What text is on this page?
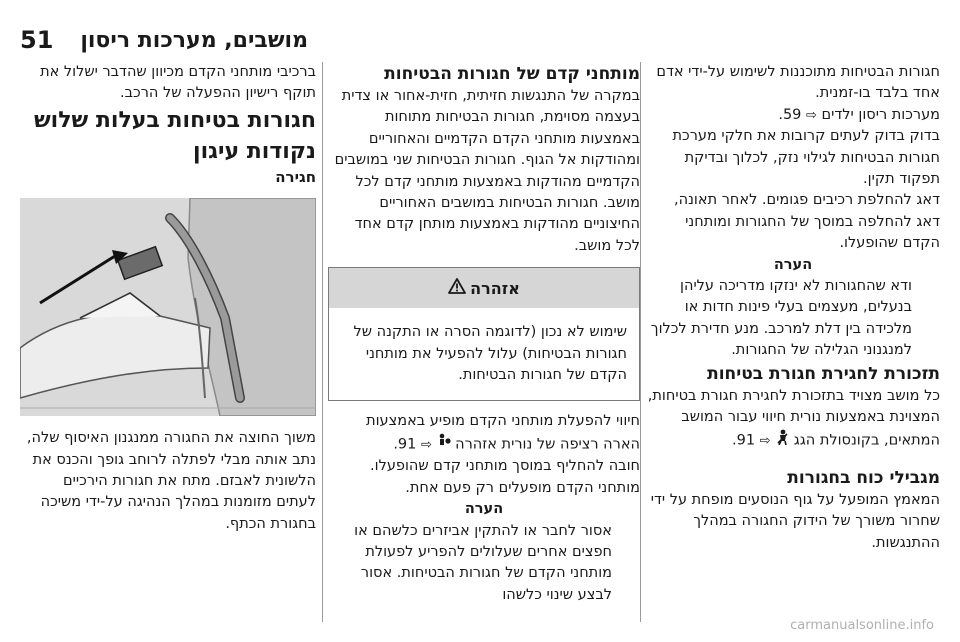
מושבים, מערכות ריסון
51

חגורות הבטיחות מתוכננות לשימוש על-ידי אדם אחד בלבד בו-זמנית.

מערכות ריסון ילדים ⇨ 59.

בדוק בדוק לעתים קרובות את חלקי מערכת חגורות הבטיחות לגילוי נזק, לכלוך ובדיקת תפקוד תקין.

דאג להחלפת רכיבים פגומים. לאחר תאונה, דאג להחלפה במוסך של החגורות ומותחני הקדם שהופעלו.

הערה

ודא שהחגורות לא ינזקו מדריכה עליהן בנעלים, מעצמים בעלי פינות חדות או מלכידה בין דלת למרכב. מנע חדירת לכלוך למנגנוני הגלילה של החגורות.

תזכורת לחגירת חגורת בטיחות

כל מושב מצויד בתזכורת לחגירת חגורת בטיחות, המצוינת באמצעות נורית חיווי עבור המושב המתאים, בקונסולת הגג  ⇨ 91.

מגבילי כוח בחגורות

המאמץ המופעל על גוף הנוסעים מופחת על ידי שחרור משורך של הידוק החגורה במהלך ההתנגשות.

מותחני קדם של חגורות הבטיחות

במקרה של התנגשות חזיתית, חזית-אחור או צדית בעצמה מסוימת, חגורות הבטיחות מתוחות באמצעות מותחני הקדם הקדמיים והאחוריים ומהודקות אל הגוף. חגורות הבטיחות שני במושבים הקדמיים מהודקות באמצעות מותחני קדם לכל מושב. חגורות הבטיחות במושבים האחוריים החיצוניים מהודקות באמצעות מותחן קדם אחד לכל מושב.

אזהרה
שימוש לא נכון (לדוגמה הסרה או התקנה של חגורות הבטיחות) עלול להפעיל את מותחני הקדם של חגורות הבטיחות.

חיווי להפעלת מותחני הקדם מופיע באמצעות הארה רציפה של נורית אזהרה  ⇨ 91.

חובה להחליף במוסך מותחני קדם שהופעלו. מותחני הקדם מופעלים רק פעם אחת.

הערה

אסור לחבר או להתקין אביזרים כלשהם או חפצים אחרים שעלולים להפריע לפעולת מותחני הקדם של חגורות הבטיחות. אסור לבצע שינוי כלשהו

ברכיבי מותחני הקדם מכיוון שהדבר ישלול את תוקף רישיון ההפעלה של הרכב.

חגורות בטיחות בעלות שלוש נקודות עיגון

חגירה

משוך החוצה את החגורה ממנגנון האיסוף שלה, נתב אותה מבלי לפתלה לרוחב גופך והכנס את הלשונית לאבזם. מתח את חגורות הירכיים לעתים מזומנות במהלך הנהיגה על-ידי משיכה בחגורת הכתף.

carmanualsonline.info
